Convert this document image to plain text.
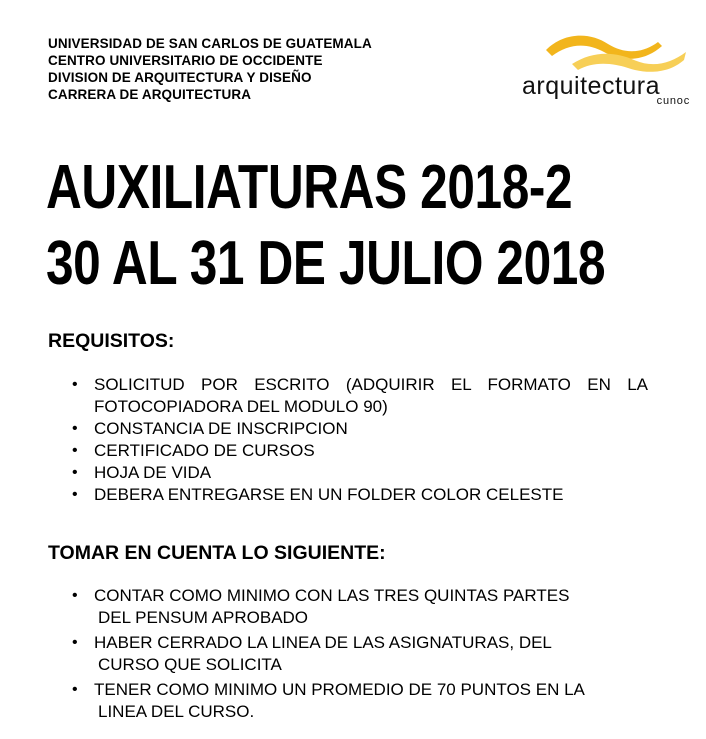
UNIVERSIDAD DE SAN CARLOS DE GUATEMALA
CENTRO UNIVERSITARIO DE OCCIDENTE
DIVISION DE ARQUITECTURA Y DISEÑO
CARRERA DE ARQUITECTURA	arquitectura
cunoc
AUXILIATURAS 2018-2
30 AL 31 DE JULIO 2018
REQUISITOS:
• SOLICITUD POR ESCRITO (ADQUIRIR EL FORMATO EN LA FOTOCOPIADORA DEL MODULO 90)
• CONSTANCIA DE INSCRIPCION
• CERTIFICADO DE CURSOS
• HOJA DE VIDA
• DEBERA ENTREGARSE EN UN FOLDER COLOR CELESTE
TOMAR EN CUENTA LO SIGUIENTE:
• CONTAR COMO MINIMO CON LAS TRES QUINTAS PARTES
DEL PENSUM APROBADO
• HABER CERRADO LA LINEA DE LAS ASIGNATURAS, DEL
CURSO QUE SOLICITA
• TENER COMO MINIMO UN PROMEDIO DE 70 PUNTOS EN LA
LINEA DEL CURSO.
